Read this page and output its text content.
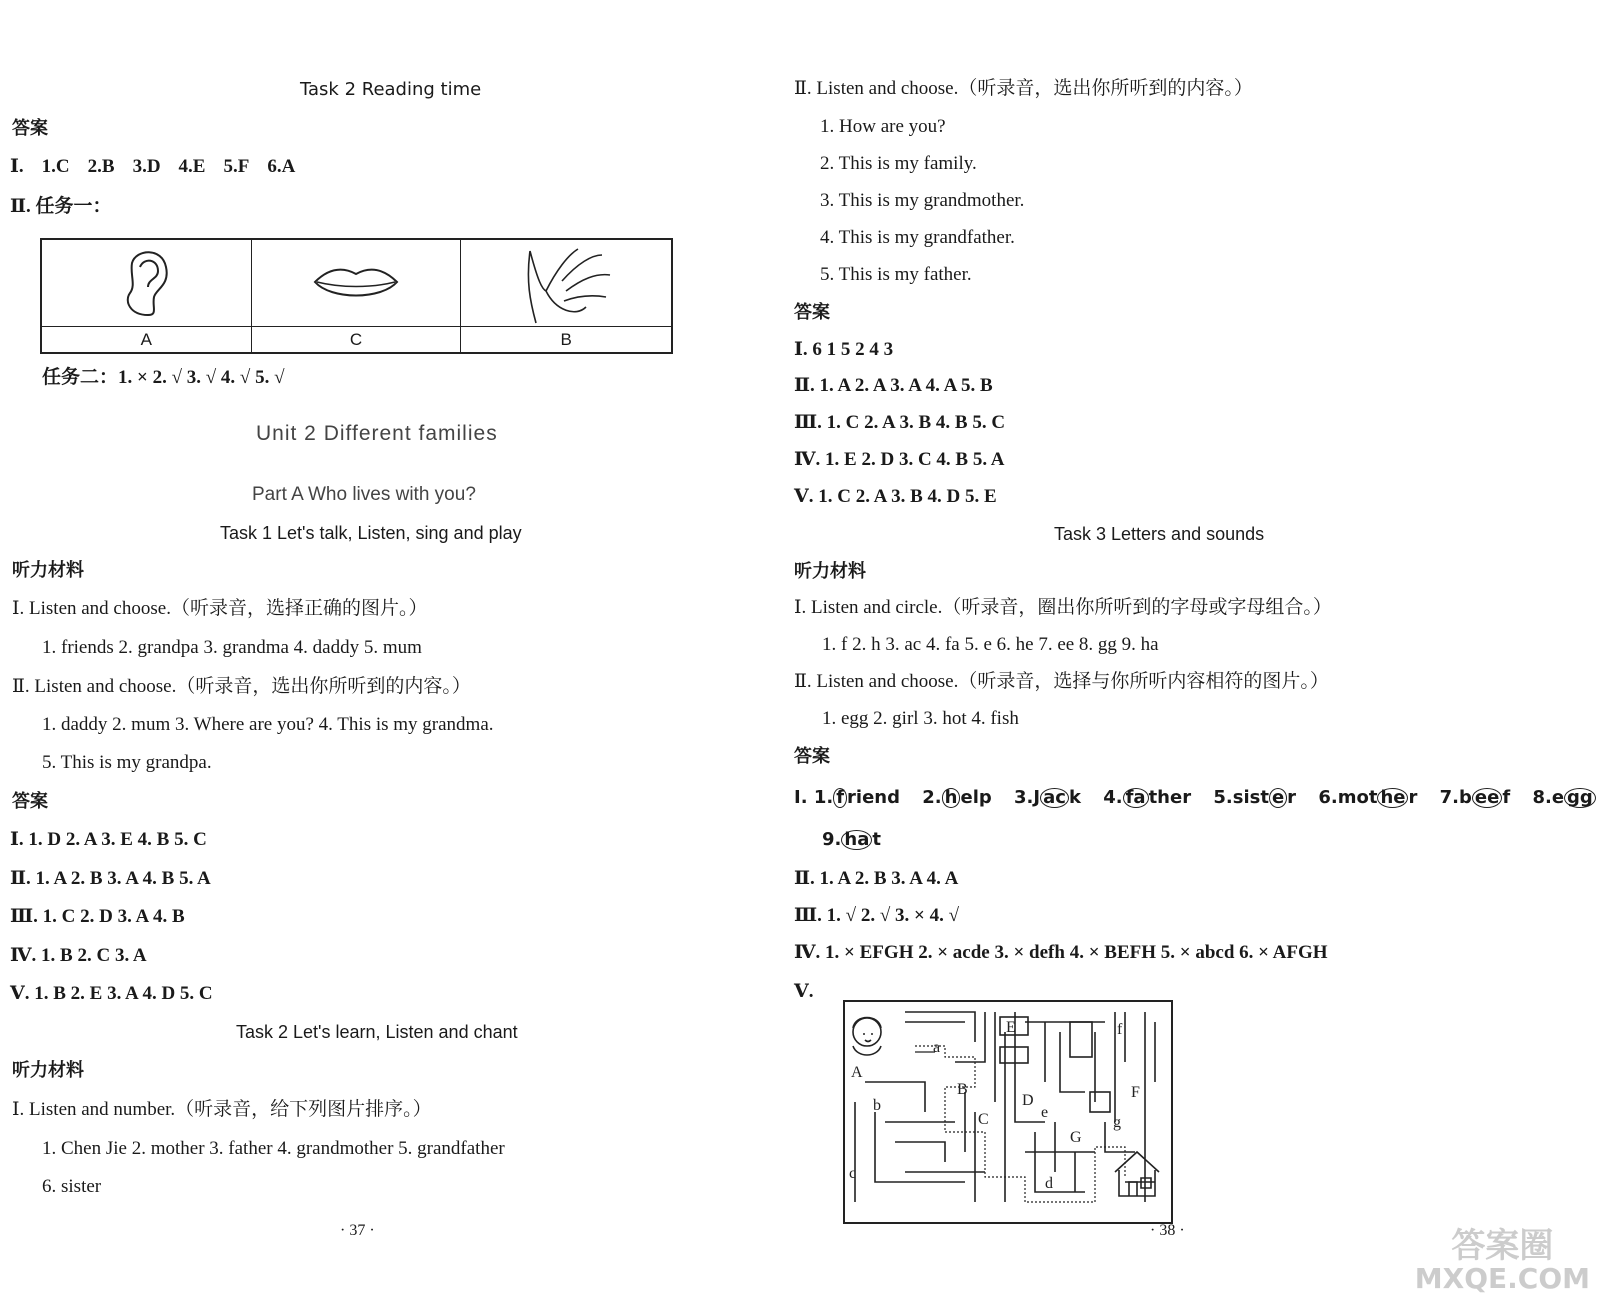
Task 2 Reading time
答案
Ⅰ. 1.C 2.B 3.D 4.E 5.F 6.A
Ⅱ. 任务一：
A	C	B
任务二：1. × 2. √ 3. √ 4. √ 5. √
Unit 2 Different families
Part A Who lives with you?
Task 1 Let's talk, Listen, sing and play
听力材料
Ⅰ. Listen and choose.（听录音，选择正确的图片。）
1. friends 2. grandpa 3. grandma 4. daddy 5. mum
Ⅱ. Listen and choose.（听录音，选出你所听到的内容。）
1. daddy 2. mum 3. Where are you? 4. This is my grandma.
5. This is my grandpa.
答案
Ⅰ. 1. D 2. A 3. E 4. B 5. C
Ⅱ. 1. A 2. B 3. A 4. B 5. A
Ⅲ. 1. C 2. D 3. A 4. B
Ⅳ. 1. B 2. C 3. A
Ⅴ. 1. B 2. E 3. A 4. D 5. C
Task 2 Let's learn, Listen and chant
听力材料
Ⅰ. Listen and number.（听录音，给下列图片排序。）
1. Chen Jie 2. mother 3. father 4. grandmother 5. grandfather
6. sister
· 37 ·
Ⅱ. Listen and choose.（听录音，选出你所听到的内容。）
1. How are you?
2. This is my family.
3. This is my grandmother.
4. This is my grandfather.
5. This is my father.
答案
Ⅰ. 6 1 5 2 4 3
Ⅱ. 1. A 2. A 3. A 4. A 5. B
Ⅲ. 1. C 2. A 3. B 4. B 5. C
Ⅳ. 1. E 2. D 3. C 4. B 5. A
Ⅴ. 1. C 2. A 3. B 4. D 5. E
Task 3 Letters and sounds
听力材料
Ⅰ. Listen and circle.（听录音，圈出你所听到的字母或字母组合。）
1. f 2. h 3. ac 4. fa 5. e 6. he 7. ee 8. gg 9. ha
Ⅱ. Listen and choose.（听录音，选择与你所听内容相符的图片。）
1. egg 2. girl 3. hot 4. fish
答案
Ⅰ. 1. f riend 2. h elp 3.J ac k 4. fa ther 5.sist e r 6.mot he r 7.b ee f 8.e gg
9. ha t
Ⅱ. 1. A 2. B 3. A 4. A
Ⅲ. 1. √ 2. √ 3. × 4. √
Ⅳ. 1. × EFGH 2. × acde 3. × defh 4. × BEFH 5. × abcd 6. × AFGH
Ⅴ.
· 38 ·
E
a
f
A
B	F
b	D
e
C
G
g
c
d
答案圈
MXQE.COM
